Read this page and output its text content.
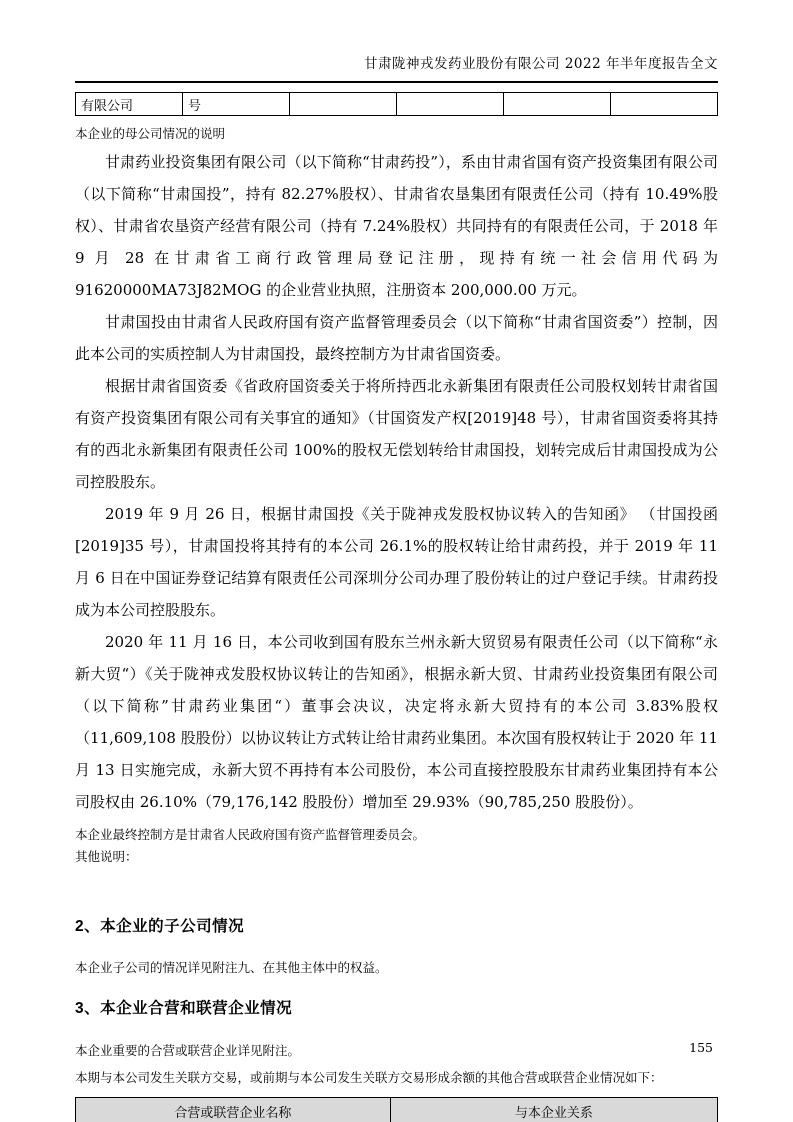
甘肃陇神戎发药业股份有限公司 2022 年半年度报告全文
有限公司	号				
本企业的母公司情况的说明

甘肃药业投资集团有限公司（以下简称“甘肃药投”），系由甘肃省国有资产投资集团有限公司（以下简称“甘肃国投”，持有 82.27%股权）、甘肃省农垦集团有限责任公司（持有 10.49%股权）、甘肃省农垦资产经营有限公司（持有 7.24%股权）共同持有的有限责任公司，于 2018 年 9 月 28 在甘肃省工商行政管理局登记注册，现持有统一社会信用代码为 91620000MA73J82MOG 的企业营业执照，注册资本 200,000.00 万元。

甘肃国投由甘肃省人民政府国有资产监督管理委员会（以下简称“甘肃省国资委”）控制，因此本公司的实质控制人为甘肃国投，最终控制方为甘肃省国资委。

根据甘肃省国资委《省政府国资委关于将所持西北永新集团有限责任公司股权划转甘肃省国有资产投资集团有限公司有关事宜的通知》（甘国资发产权[2019]48 号），甘肃省国资委将其持有的西北永新集团有限责任公司 100%的股权无偿划转给甘肃国投，划转完成后甘肃国投成为公司控股股东。

2019 年 9 月 26 日，根据甘肃国投《关于陇神戎发股权协议转入的告知函》 （甘国投函[2019]35 号），甘肃国投将其持有的本公司 26.1%的股权转让给甘肃药投，并于 2019 年 11 月 6 日在中国证券登记结算有限责任公司深圳分公司办理了股份转让的过户登记手续。甘肃药投成为本公司控股股东。

2020 年 11 月 16 日，本公司收到国有股东兰州永新大贸贸易有限责任公司（以下简称“永新大贸“）《关于陇神戎发股权协议转让的告知函》，根据永新大贸、甘肃药业投资集团有限公司（以下简称”甘肃药业集团“）董事会决议，决定将永新大贸持有的本公司 3.83%股权（11,609,108 股股份）以协议转让方式转让给甘肃药业集团。本次国有股权转让于 2020 年 11 月 13 日实施完成，永新大贸不再持有本公司股份，本公司直接控股股东甘肃药业集团持有本公司股权由 26.10%（79,176,142 股股份）增加至 29.93%（90,785,250 股股份）。

本企业最终控制方是甘肃省人民政府国有资产监督管理委员会。
其他说明：
2、本企业的子公司情况
本企业子公司的情况详见附注九、在其他主体中的权益。
3、本企业合营和联营企业情况
本企业重要的合营或联营企业详见附注。
本期与本公司发生关联方交易，或前期与本公司发生关联方交易形成余额的其他合营或联营企业情况如下：
合营或联营企业名称	与本企业关系
155
